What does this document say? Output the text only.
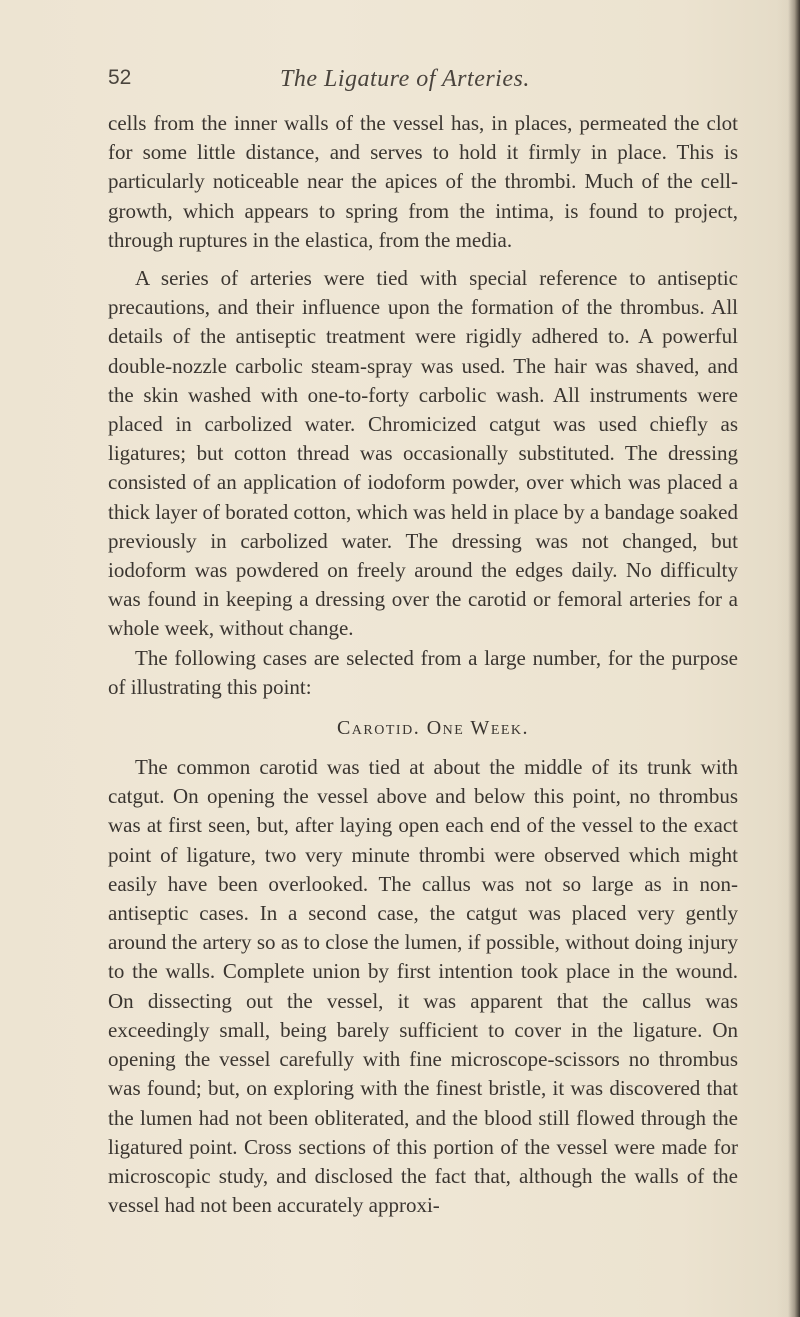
52	The Ligature of Arteries.

cells from the inner walls of the vessel has, in places, permeated the clot for some little distance, and serves to hold it firmly in place. This is particularly noticeable near the apices of the thrombi. Much of the cell-growth, which appears to spring from the intima, is found to project, through ruptures in the elastica, from the media.

A series of arteries were tied with special reference to antiseptic precautions, and their influence upon the formation of the thrombus. All details of the antiseptic treatment were rigidly adhered to. A powerful double-nozzle carbolic steam-spray was used. The hair was shaved, and the skin washed with one-to-forty carbolic wash. All instruments were placed in carbolized water. Chromicized catgut was used chiefly as ligatures; but cotton thread was occasionally substituted. The dressing consisted of an application of iodoform powder, over which was placed a thick layer of borated cotton, which was held in place by a bandage soaked previously in carbolized water. The dressing was not changed, but iodoform was powdered on freely around the edges daily. No difficulty was found in keeping a dressing over the carotid or femoral arteries for a whole week, without change.

The following cases are selected from a large number, for the purpose of illustrating this point:

Carotid. One Week.

The common carotid was tied at about the middle of its trunk with catgut. On opening the vessel above and below this point, no thrombus was at first seen, but, after laying open each end of the vessel to the exact point of ligature, two very minute thrombi were observed which might easily have been overlooked. The callus was not so large as in non-antiseptic cases. In a second case, the catgut was placed very gently around the artery so as to close the lumen, if possible, without doing injury to the walls. Complete union by first intention took place in the wound. On dissecting out the vessel, it was apparent that the callus was exceedingly small, being barely sufficient to cover in the ligature. On opening the vessel carefully with fine microscope-scissors no thrombus was found; but, on exploring with the finest bristle, it was discovered that the lumen had not been obliterated, and the blood still flowed through the ligatured point. Cross sections of this portion of the vessel were made for microscopic study, and disclosed the fact that, although the walls of the vessel had not been accurately approxi-
